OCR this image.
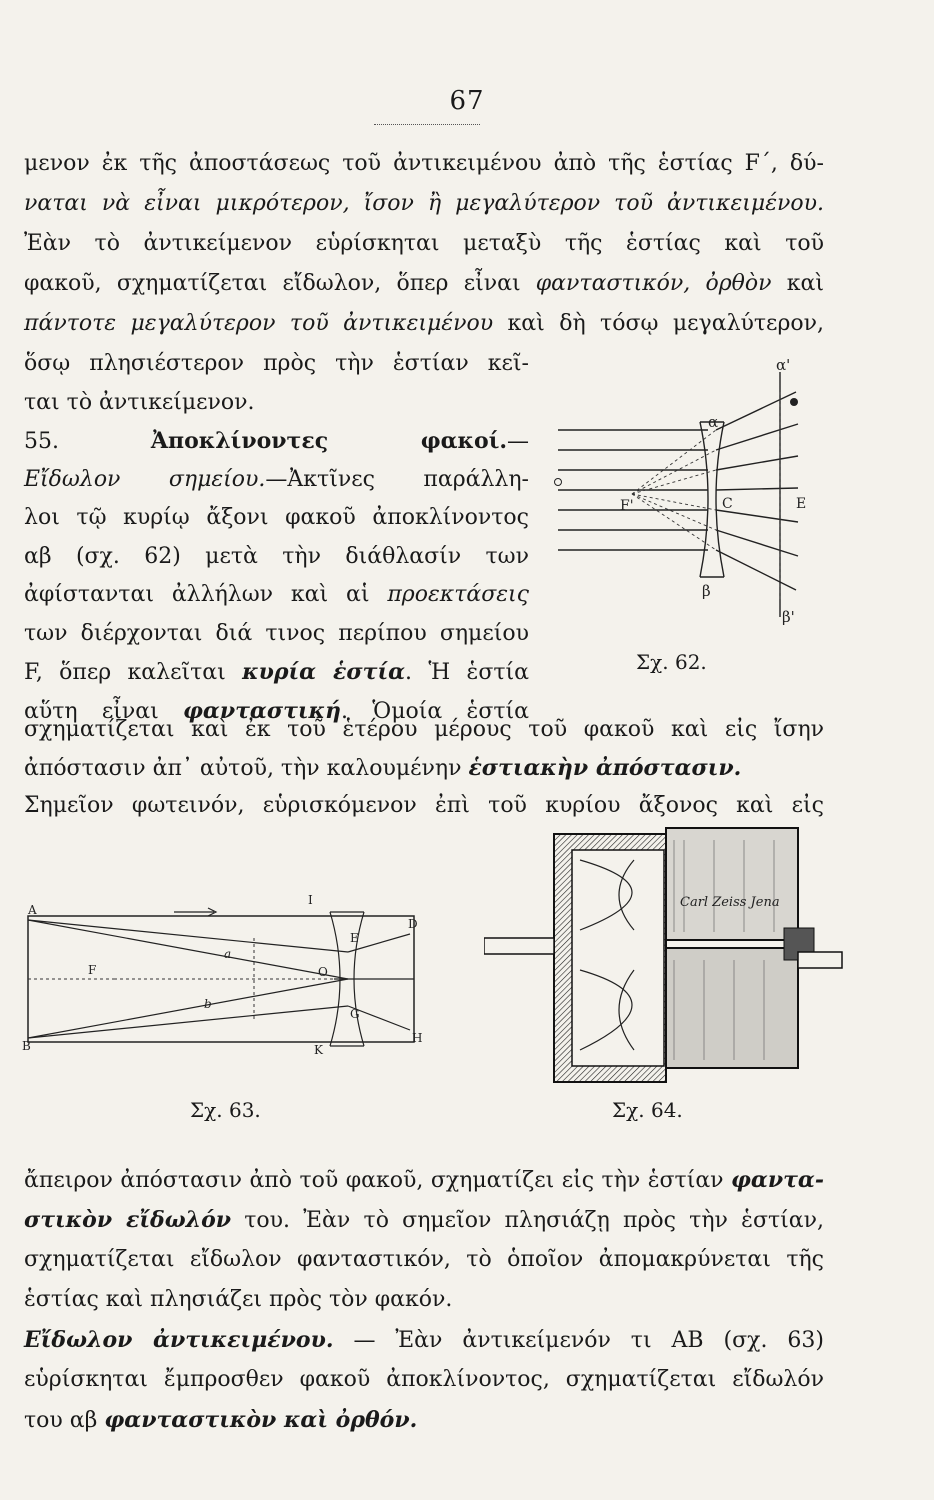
67
μενον ἐκ τῆς ἀποστάσεως τοῦ ἀντικειμένου ἀπὸ τῆς ἑστίας F΄, δύ-
ναται νὰ εἶναι μικρότερον, ἴσον ἢ μεγαλύτερον τοῦ ἀντικειμένου.
Ἐὰν τὸ ἀντικείμενον εὑρίσκηται μεταξὺ τῆς ἑστίας καὶ τοῦ
φακοῦ, σχηματίζεται εἴδωλον, ὅπερ εἶναι φανταστικόν, ὀρθὸν καὶ
πάντοτε μεγαλύτερον τοῦ ἀντικειμένου καὶ δὴ τόσῳ μεγαλύτερον,
ὅσῳ πλησιέστερον πρὸς τὴν ἑστίαν κεῖ-
ται τὸ ἀντικείμενον.
55. Ἀποκλίνοντες φακοί.—
Εἴδωλον σημείου.—Ἀκτῖνες παράλλη-
λοι τῷ κυρίῳ ἄξονι φακοῦ ἀποκλίνοντος
αβ (σχ. 62) μετὰ τὴν διάθλασίν των
ἀφίστανται ἀλλήλων καὶ αἱ προεκτάσεις
των διέρχονται διά τινος περίπου σημείου
F, ὅπερ καλεῖται κυρία ἑστία. Ἡ ἑστία
αὕτη εἶναι φανταστική. Ὁμοία ἑστία
σχηματίζεται καὶ ἐκ τοῦ ἑτέρου μέρους τοῦ φακοῦ καὶ εἰς ἴσην
ἀπόστασιν ἀπ᾿ αὐτοῦ, τὴν καλουμένην ἑστιακὴν ἀπόστασιν.
Σημεῖον φωτεινόν, εὑρισκόμενον ἐπὶ τοῦ κυρίου ἄξονος καὶ εἰς
ἄπειρον ἀπόστασιν ἀπὸ τοῦ φακοῦ, σχηματίζει εἰς τὴν ἑστίαν φαντα-
στικὸν εἴδωλόν του. Ἐὰν τὸ σημεῖον πλησιάζῃ πρὸς τὴν ἑστίαν,
σχηματίζεται εἴδωλον φανταστικόν, τὸ ὁποῖον ἀπομακρύνεται τῆς
ἑστίας καὶ πλησιάζει πρὸς τὸν φακόν.
Εἴδωλον ἀντικειμένου. — Ἐὰν ἀντικείμενόν τι ΑΒ (σχ. 63)
εὑρίσκηται ἔμπροσθεν φακοῦ ἀποκλίνοντος, σχηματίζεται εἴδωλόν
του αβ φανταστικὸν καὶ ὀρθόν.
α
α'
F'	C	E
β
β'
Σχ. 62.
A
B
F
I
D
E
O
a
b
G
K
H
Σχ. 63.
Carl Zeiss Jena
Σχ. 64.
